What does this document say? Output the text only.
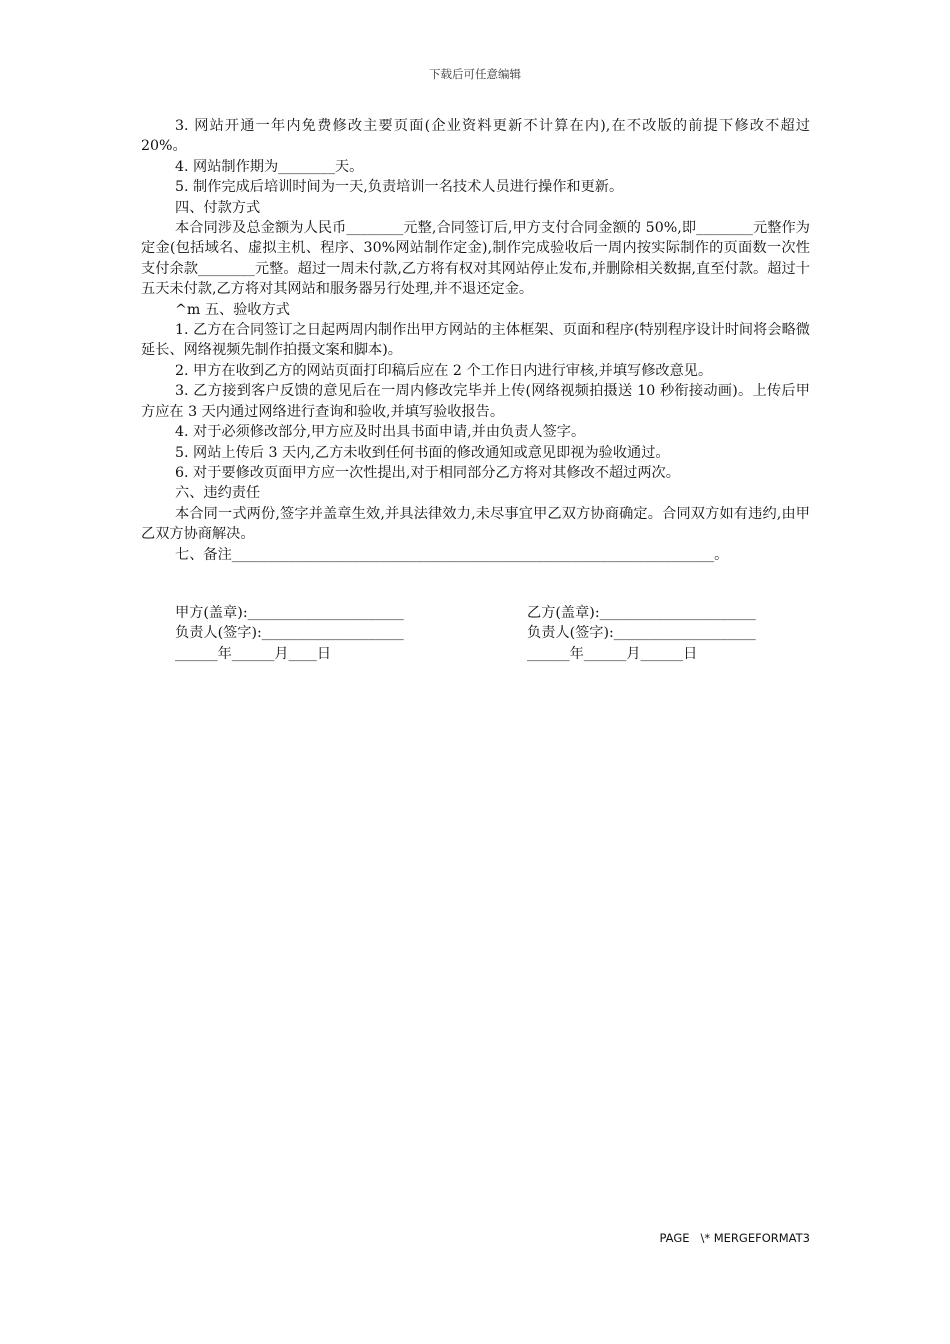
下载后可任意编辑

3. 网站开通一年内免费修改主要页面(企业资料更新不计算在内),在不改版的前提下修改不超过 20%。

4. 网站制作期为________天。

5. 制作完成后培训时间为一天,负责培训一名技术人员进行操作和更新。

四、付款方式

本合同涉及总金额为人民币________元整,合同签订后,甲方支付合同金额的 50%,即________元整作为定金(包括域名、虚拟主机、程序、30%网站制作定金),制作完成验收后一周内按实际制作的页面数一次性支付余款________元整。超过一周未付款,乙方将有权对其网站停止发布,并删除相关数据,直至付款。超过十五天未付款,乙方将对其网站和服务器另行处理,并不退还定金。

^m 五、验收方式

1. 乙方在合同签订之日起两周内制作出甲方网站的主体框架、页面和程序(特别程序设计时间将会略微延长、网络视频先制作拍摄文案和脚本)。

2. 甲方在收到乙方的网站页面打印稿后应在 2 个工作日内进行审核,并填写修改意见。

3. 乙方接到客户反馈的意见后在一周内修改完毕并上传(网络视频拍摄送 10 秒衔接动画)。上传后甲方应在 3 天内通过网络进行查询和验收,并填写验收报告。

4. 对于必须修改部分,甲方应及时出具书面申请,并由负责人签字。

5. 网站上传后 3 天内,乙方未收到任何书面的修改通知或意见即视为验收通过。

6. 对于要修改页面甲方应一次性提出,对于相同部分乙方将对其修改不超过两次。

六、违约责任

本合同一式两份,签字并盖章生效,并具法律效力,未尽事宜甲乙双方协商确定。合同双方如有违约,由甲乙双方协商解决。

七、备注____________________________________________________________________。

甲方(盖章):______________________	乙方(盖章):______________________
负责人(签字):____________________	负责人(签字):____________________
______年______月____日	______年______月______日
PAGE   \* MERGEFORMAT3
